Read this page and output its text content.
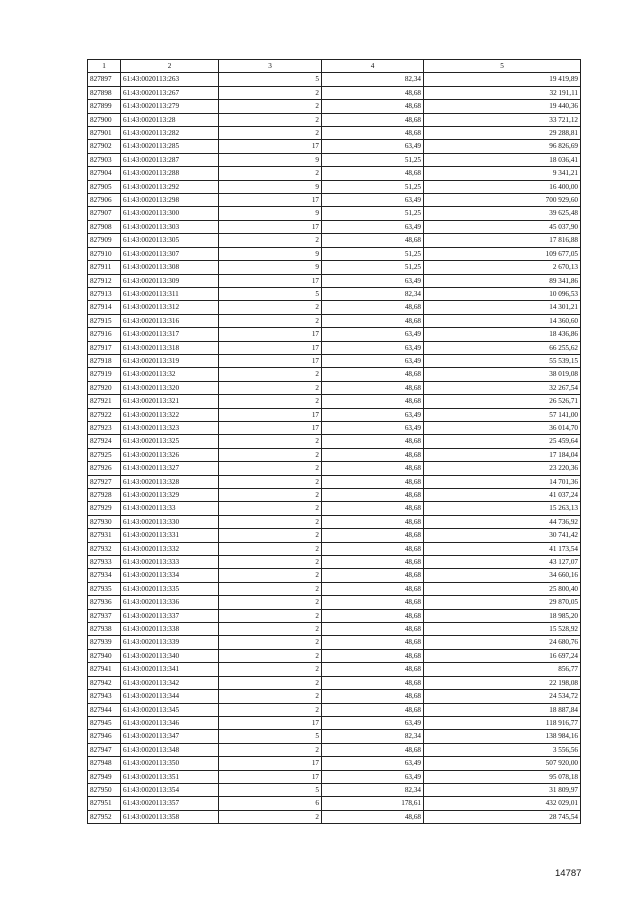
1	2	3	4	5
827897	61:43:0020113:263	5	82,34	19 419,89
827898	61:43:0020113:267	2	48,68	32 191,11
827899	61:43:0020113:279	2	48,68	19 440,36
827900	61:43:0020113:28	2	48,68	33 721,12
827901	61:43:0020113:282	2	48,68	29 288,81
827902	61:43:0020113:285	17	63,49	96 826,69
827903	61:43:0020113:287	9	51,25	18 036,41
827904	61:43:0020113:288	2	48,68	9 341,21
827905	61:43:0020113:292	9	51,25	16 400,00
827906	61:43:0020113:298	17	63,49	700 929,60
827907	61:43:0020113:300	9	51,25	39 625,48
827908	61:43:0020113:303	17	63,49	45 037,90
827909	61:43:0020113:305	2	48,68	17 816,88
827910	61:43:0020113:307	9	51,25	109 677,05
827911	61:43:0020113:308	9	51,25	2 670,13
827912	61:43:0020113:309	17	63,49	89 341,86
827913	61:43:0020113:311	5	82,34	10 096,53
827914	61:43:0020113:312	2	48,68	14 301,21
827915	61:43:0020113:316	2	48,68	14 360,60
827916	61:43:0020113:317	17	63,49	18 436,86
827917	61:43:0020113:318	17	63,49	66 255,62
827918	61:43:0020113:319	17	63,49	55 539,15
827919	61:43:0020113:32	2	48,68	38 019,08
827920	61:43:0020113:320	2	48,68	32 267,54
827921	61:43:0020113:321	2	48,68	26 526,71
827922	61:43:0020113:322	17	63,49	57 141,00
827923	61:43:0020113:323	17	63,49	36 014,70
827924	61:43:0020113:325	2	48,68	25 459,64
827925	61:43:0020113:326	2	48,68	17 184,04
827926	61:43:0020113:327	2	48,68	23 220,36
827927	61:43:0020113:328	2	48,68	14 701,36
827928	61:43:0020113:329	2	48,68	41 037,24
827929	61:43:0020113:33	2	48,68	15 263,13
827930	61:43:0020113:330	2	48,68	44 736,92
827931	61:43:0020113:331	2	48,68	30 741,42
827932	61:43:0020113:332	2	48,68	41 173,54
827933	61:43:0020113:333	2	48,68	43 127,07
827934	61:43:0020113:334	2	48,68	34 660,16
827935	61:43:0020113:335	2	48,68	25 800,40
827936	61:43:0020113:336	2	48,68	29 870,05
827937	61:43:0020113:337	2	48,68	18 985,20
827938	61:43:0020113:338	2	48,68	15 528,92
827939	61:43:0020113:339	2	48,68	24 680,76
827940	61:43:0020113:340	2	48,68	16 697,24
827941	61:43:0020113:341	2	48,68	856,77
827942	61:43:0020113:342	2	48,68	22 198,08
827943	61:43:0020113:344	2	48,68	24 534,72
827944	61:43:0020113:345	2	48,68	18 887,84
827945	61:43:0020113:346	17	63,49	118 916,77
827946	61:43:0020113:347	5	82,34	138 984,16
827947	61:43:0020113:348	2	48,68	3 556,56
827948	61:43:0020113:350	17	63,49	507 920,00
827949	61:43:0020113:351	17	63,49	95 078,18
827950	61:43:0020113:354	5	82,34	31 809,97
827951	61:43:0020113:357	6	178,61	432 029,01
827952	61:43:0020113:358	2	48,68	28 745,54
14787
